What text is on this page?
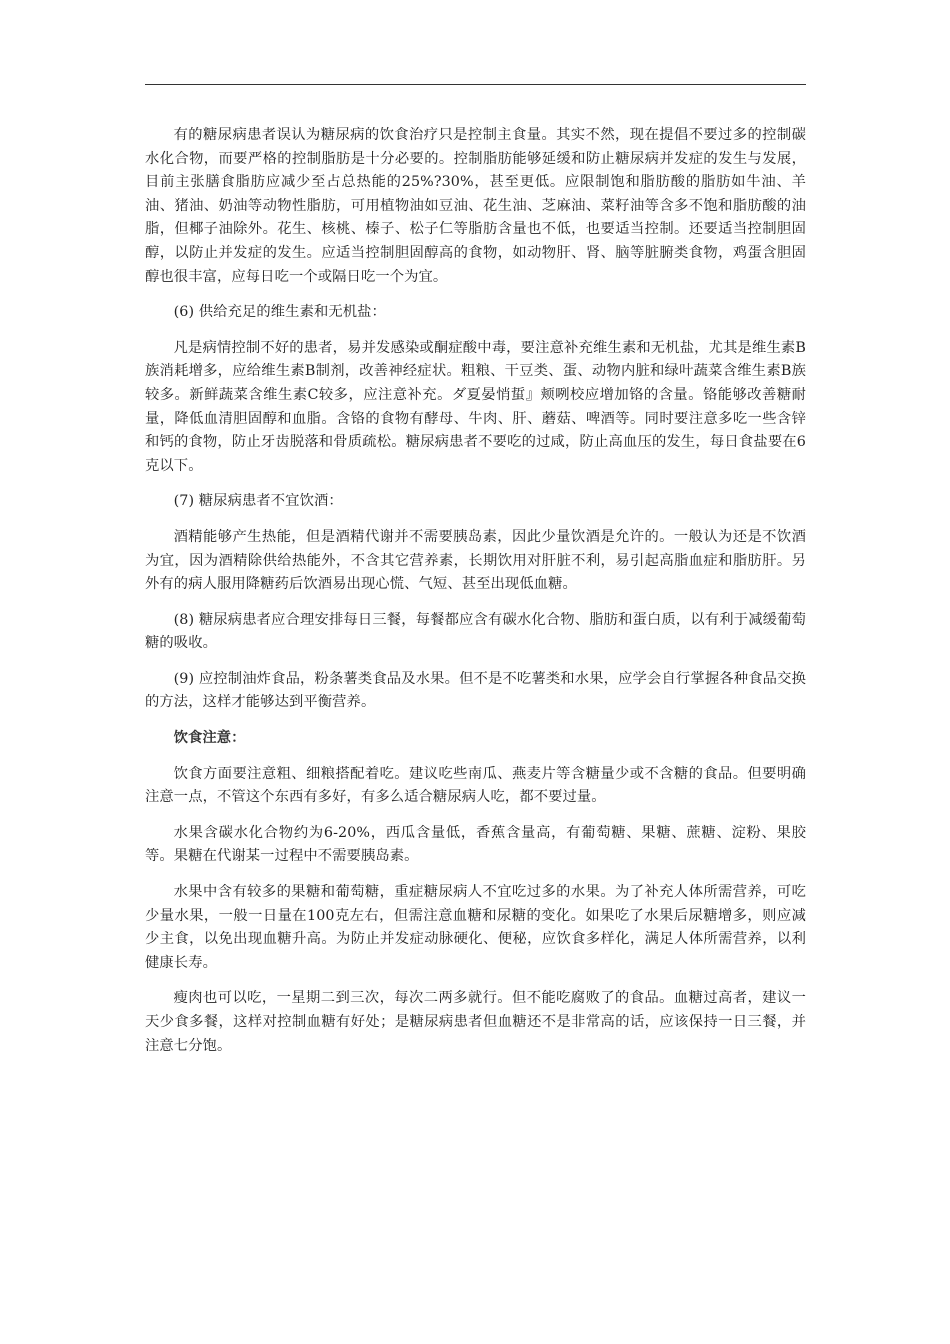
有的糖尿病患者误认为糖尿病的饮食治疗只是控制主食量。其实不然，现在提倡不要过多的控制碳水化合物，而要严格的控制脂肪是十分必要的。控制脂肪能够延缓和防止糖尿病并发症的发生与发展，目前主张膳食脂肪应减少至占总热能的25%?30%，甚至更低。应限制饱和脂肪酸的脂肪如牛油、羊油、猪油、奶油等动物性脂肪，可用植物油如豆油、花生油、芝麻油、菜籽油等含多不饱和脂肪酸的油脂，但椰子油除外。花生、核桃、榛子、松子仁等脂肪含量也不低，也要适当控制。还要适当控制胆固醇，以防止并发症的发生。应适当控制胆固醇高的食物，如动物肝、肾、脑等脏腑类食物，鸡蛋含胆固醇也很丰富，应每日吃一个或隔日吃一个为宜。

(6) 供给充足的维生素和无机盐：

凡是病情控制不好的患者，易并发感染或酮症酸中毒，要注意补充维生素和无机盐，尤其是维生素B族消耗增多，应给维生素B制剂，改善神经症状。粗粮、干豆类、蛋、动物内脏和绿叶蔬菜含维生素B族较多。新鲜蔬菜含维生素C较多，应注意补充。ダ夏晏悄蜇』颊咧校应增加铬的含量。铬能够改善糖耐量，降低血清胆固醇和血脂。含铬的食物有酵母、牛肉、肝、蘑菇、啤酒等。同时要注意多吃一些含锌和钙的食物，防止牙齿脱落和骨质疏松。糖尿病患者不要吃的过咸，防止高血压的发生，每日食盐要在6克以下。

(7) 糖尿病患者不宜饮酒：

酒精能够产生热能，但是酒精代谢并不需要胰岛素，因此少量饮酒是允许的。一般认为还是不饮酒为宜，因为酒精除供给热能外，不含其它营养素，长期饮用对肝脏不利，易引起高脂血症和脂肪肝。另外有的病人服用降糖药后饮酒易出现心慌、气短、甚至出现低血糖。

(8) 糖尿病患者应合理安排每日三餐，每餐都应含有碳水化合物、脂肪和蛋白质，以有利于减缓葡萄糖的吸收。

(9) 应控制油炸食品，粉条薯类食品及水果。但不是不吃薯类和水果，应学会自行掌握各种食品交换的方法，这样才能够达到平衡营养。

饮食注意：

饮食方面要注意粗、细粮搭配着吃。建议吃些南瓜、燕麦片等含糖量少或不含糖的食品。但要明确注意一点，不管这个东西有多好，有多么适合糖尿病人吃，都不要过量。

水果含碳水化合物约为6-20%，西瓜含量低，香蕉含量高，有葡萄糖、果糖、蔗糖、淀粉、果胶等。果糖在代谢某一过程中不需要胰岛素。

水果中含有较多的果糖和葡萄糖，重症糖尿病人不宜吃过多的水果。为了补充人体所需营养，可吃少量水果，一般一日量在100克左右，但需注意血糖和尿糖的变化。如果吃了水果后尿糖增多，则应减少主食，以免出现血糖升高。为防止并发症动脉硬化、便秘，应饮食多样化，满足人体所需营养，以利健康长寿。

瘦肉也可以吃，一星期二到三次，每次二两多就行。但不能吃腐败了的食品。血糖过高者，建议一天少食多餐，这样对控制血糖有好处；是糖尿病患者但血糖还不是非常高的话，应该保持一日三餐，并注意七分饱。
